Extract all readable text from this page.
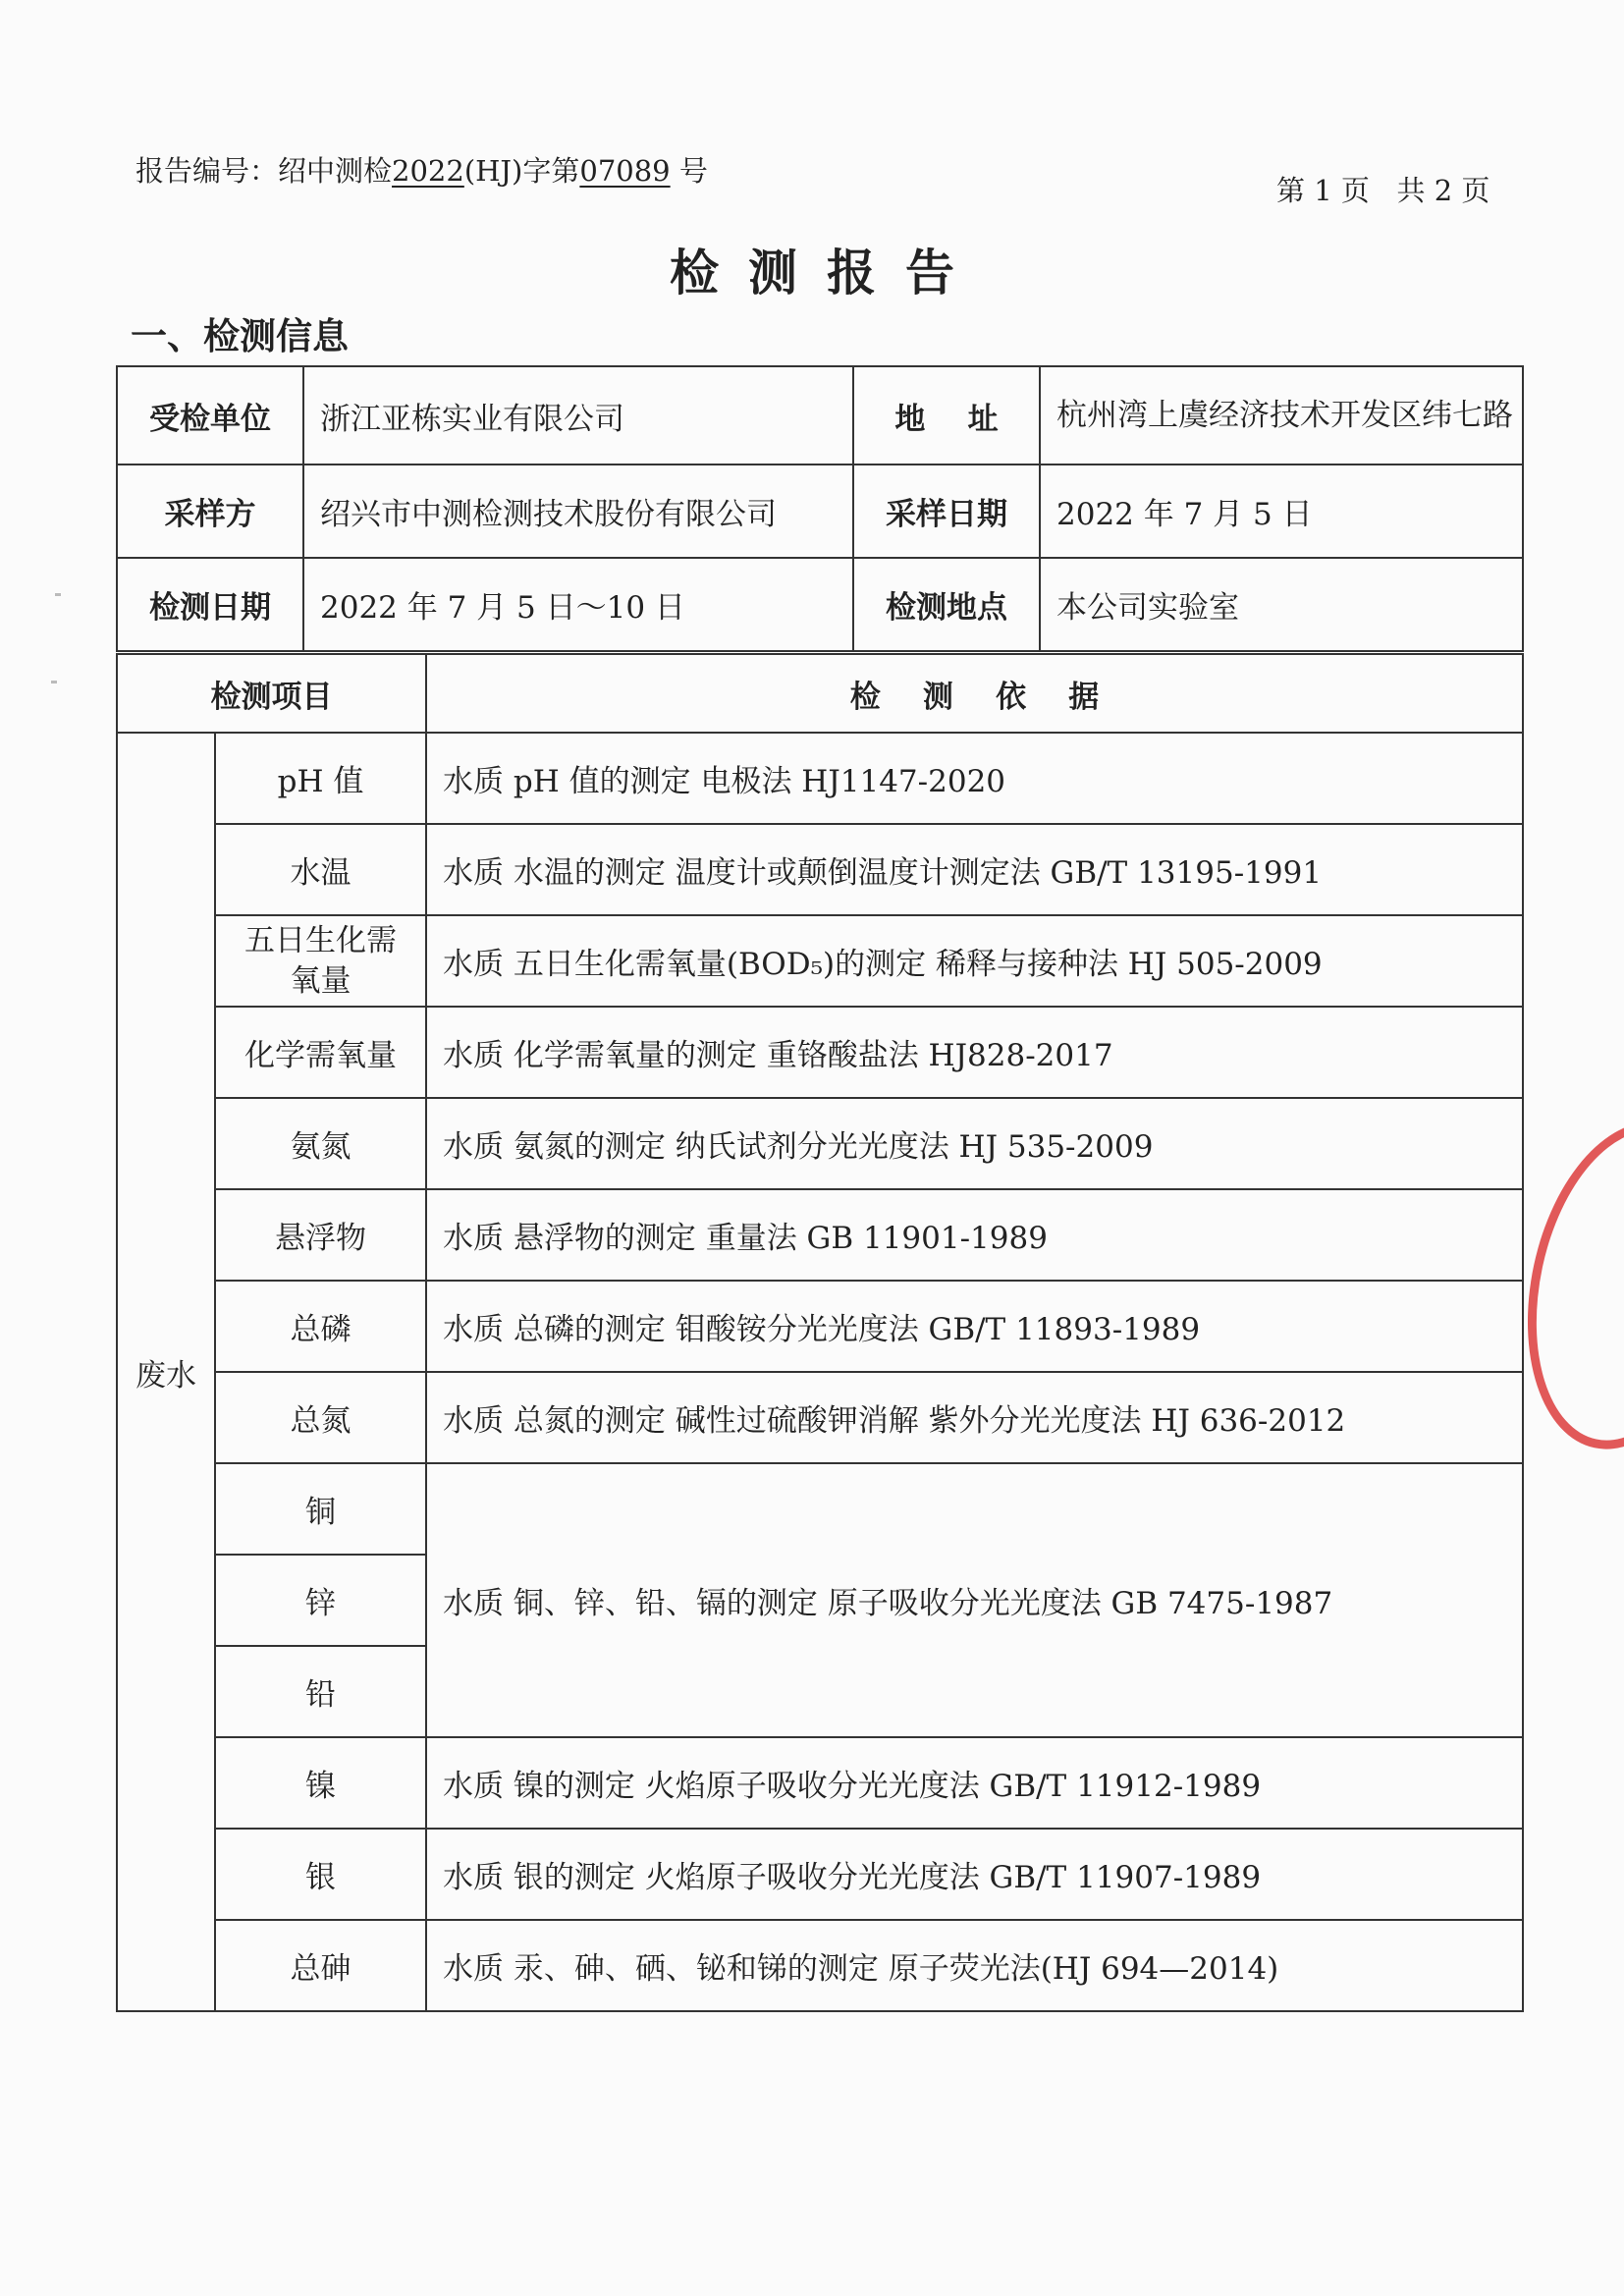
报告编号：绍中测检2022(HJ)字第07089 号
第 1 页   共 2 页
检测报告
一、检测信息
受检单位	浙江亚栋实业有限公司	地    址	杭州湾上虞经济技术开发区纬七路
采样方	绍兴市中测检测技术股份有限公司	采样日期	2022 年 7 月 5 日
检测日期	2022 年 7 月 5 日～10 日	检测地点	本公司实验室
检测项目		检    测    依    据
废水	pH 值	水质 pH 值的测定 电极法 HJ1147-2020
	水温	水质 水温的测定 温度计或颠倒温度计测定法 GB/T 13195-1991
	五日生化需氧量	水质 五日生化需氧量(BOD₅)的测定 稀释与接种法 HJ 505-2009
	化学需氧量	水质 化学需氧量的测定 重铬酸盐法 HJ828-2017
	氨氮	水质 氨氮的测定 纳氏试剂分光光度法 HJ 535-2009
	悬浮物	水质 悬浮物的测定 重量法 GB 11901-1989
	总磷	水质 总磷的测定 钼酸铵分光光度法 GB/T 11893-1989
	总氮	水质 总氮的测定 碱性过硫酸钾消解 紫外分光光度法 HJ 636-2012
	铜	水质 铜、锌、铅、镉的测定 原子吸收分光光度法 GB 7475-1987
	锌	
	铅	
	镍	水质 镍的测定 火焰原子吸收分光光度法 GB/T 11912-1989
	银	水质 银的测定 火焰原子吸收分光光度法 GB/T 11907-1989
	总砷	水质 汞、砷、硒、铋和锑的测定 原子荧光法(HJ 694—2014)
